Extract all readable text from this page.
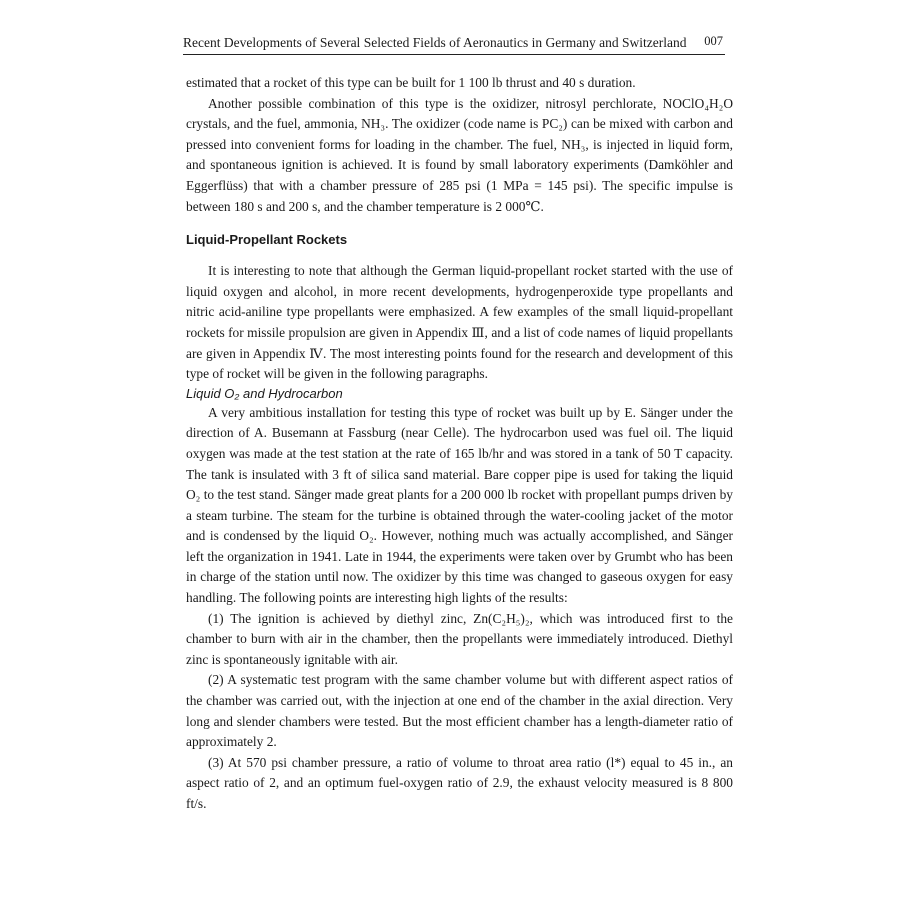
Recent Developments of Several Selected Fields of Aeronautics in Germany and Switzerland 007

estimated that a rocket of this type can be built for 1 100 lb thrust and 40 s duration.

Another possible combination of this type is the oxidizer, nitrosyl perchlorate, NOClO₄H₂O crystals, and the fuel, ammonia, NH₃. The oxidizer (code name is PC₂) can be mixed with carbon and pressed into convenient forms for loading in the chamber. The fuel, NH₃, is injected in liquid form, and spontaneous ignition is achieved. It is found by small laboratory experiments (Damköhler and Eggerflüss) that with a chamber pressure of 285 psi (1 MPa = 145 psi). The specific impulse is between 180 s and 200 s, and the chamber temperature is 2 000℃.

Liquid-Propellant Rockets

It is interesting to note that although the German liquid-propellant rocket started with the use of liquid oxygen and alcohol, in more recent developments, hydrogenperoxide type propellants and nitric acid-aniline type propellants were emphasized. A few examples of the small liquid-propellant rockets for missile propulsion are given in Appendix Ⅲ, and a list of code names of liquid propellants are given in Appendix Ⅳ. The most interesting points found for the research and development of this type of rocket will be given in the following paragraphs.

Liquid O₂ and Hydrocarbon

A very ambitious installation for testing this type of rocket was built up by E. Sänger under the direction of A. Busemann at Fassburg (near Celle). The hydrocarbon used was fuel oil. The liquid oxygen was made at the test station at the rate of 165 lb/hr and was stored in a tank of 50 T capacity. The tank is insulated with 3 ft of silica sand material. Bare copper pipe is used for taking the liquid O₂ to the test stand. Sänger made great plants for a 200 000 lb rocket with propellant pumps driven by a steam turbine. The steam for the turbine is obtained through the water-cooling jacket of the motor and is condensed by the liquid O₂. However, nothing much was actually accomplished, and Sänger left the organization in 1941. Late in 1944, the experiments were taken over by Grumbt who has been in charge of the station until now. The oxidizer by this time was changed to gaseous oxygen for easy handling. The following points are interesting high lights of the results:

(1) The ignition is achieved by diethyl zinc, Zn(C₂H₅)₂, which was introduced first to the chamber to burn with air in the chamber, then the propellants were immediately introduced. Diethyl zinc is spontaneously ignitable with air.

(2) A systematic test program with the same chamber volume but with different aspect ratios of the chamber was carried out, with the injection at one end of the chamber in the axial direction. Very long and slender chambers were tested. But the most efficient chamber has a length-diameter ratio of approximately 2.

(3) At 570 psi chamber pressure, a ratio of volume to throat area ratio (l*) equal to 45 in., an aspect ratio of 2, and an optimum fuel-oxygen ratio of 2.9, the exhaust velocity measured is 8 800 ft/s.
